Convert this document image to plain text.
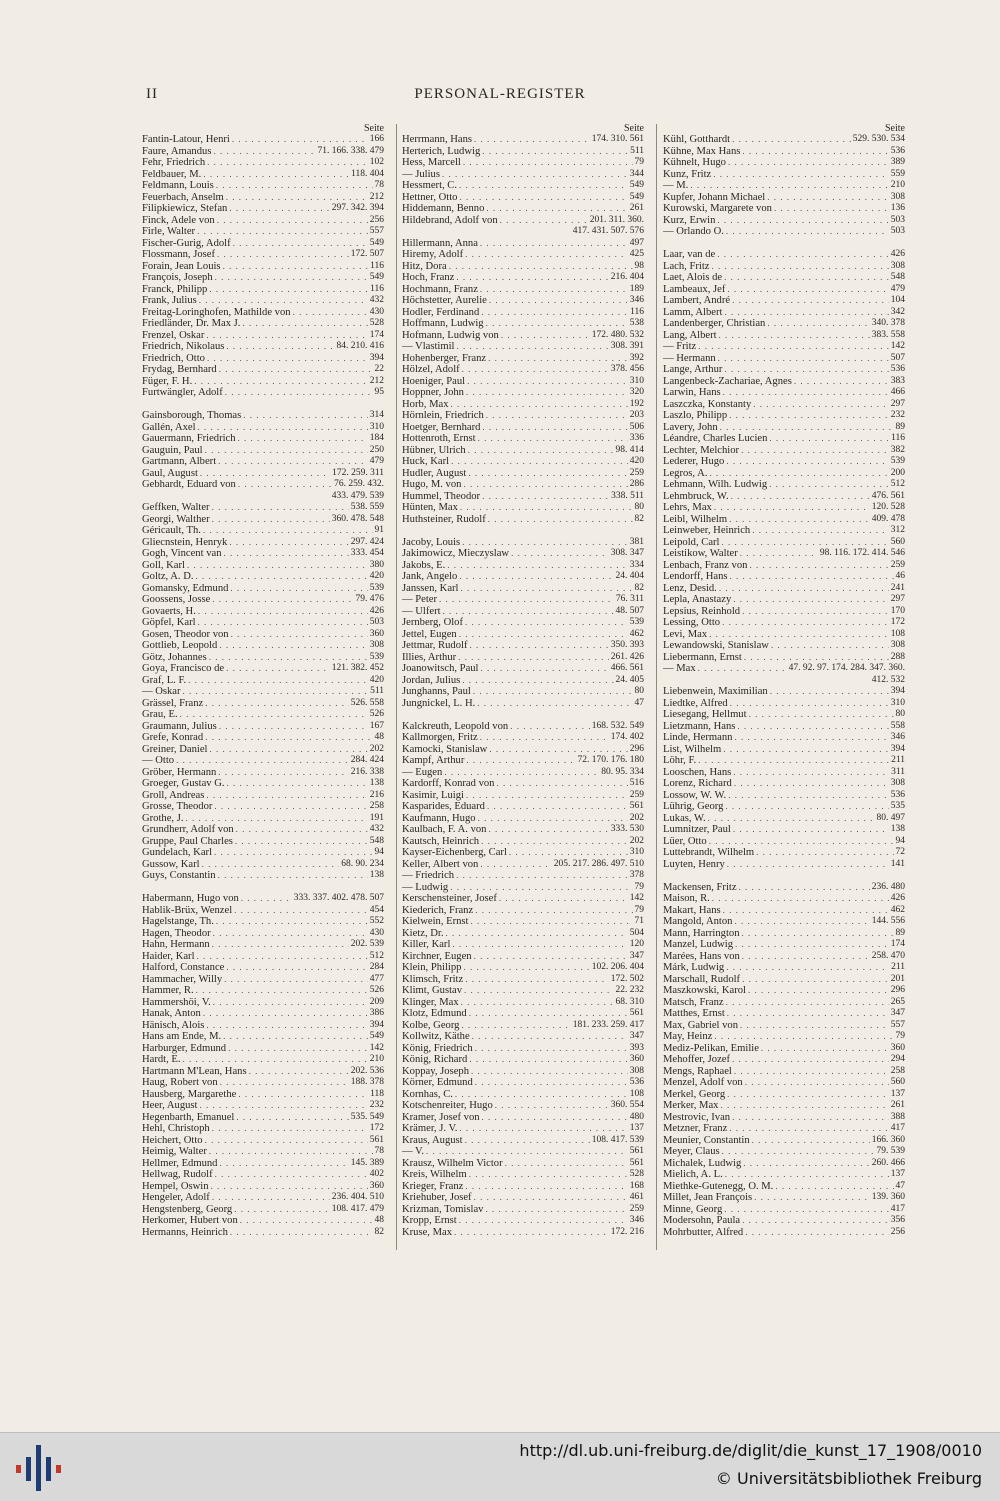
II	PERSONAL-REGISTER
Seite
Fantin-Latour, Henri . . .	166
Faure, Amandus . . .	71. 166. 338. 479
Fehr, Friedrich . . .	102
Feldbauer, M. . . .	118. 404
Feldmann, Louis . . .	78
Feuerbach, Anselm . . .	212
Filipkiewicz, Stefan . . .	297. 342. 394
Finck, Adele von . . .	256
Firle, Walter . . .	557
Fischer-Gurig, Adolf . . .	549
Flossmann, Josef . . .	172. 507
Forain, Jean Louis . . .	116
François, Joseph . . .	549
Franck, Philipp . . .	116
Frank, Julius . . .	432
Freitag-Loringhofen, Mathilde von . . .	430
Friedländer, Dr. Max J. . . .	528
Frenzel, Oskar . . .	174
Friedrich, Nikolaus . . .	84. 210. 416
Friedrich, Otto . . .	394
Frydag, Bernhard . . .	22
Füger, F. H. . . .	212
Furtwängler, Adolf . . .	95
Gainsborough, Thomas . . .	314
Gallén, Axel . . .	310
Gauermann, Friedrich . . .	184
Gauguin, Paul . . .	250
Gartmann, Albert . . .	479
Gaul, August . . .	172. 259. 311
Gebhardt, Eduard von . . .	76. 259. 432.
433. 479. 539
Geffken, Walter . . .	538. 559
Georgi, Walther . . .	360. 478. 548
Géricault, Th. . . .	91
Gliecnstein, Henryk . . .	297. 424
Gogh, Vincent van . . .	333. 454
Goll, Karl . . .	380
Goltz, A. D. . . .	420
Gomansky, Edmund . . .	539
Goossens, Josse . . .	79. 476
Govaerts, H. . . .	426
Göpfel, Karl . . .	503
Gosen, Theodor von . . .	360
Gottlieb, Leopold . . .	308
Götz, Johannes . . .	539
Goya, Francisco de . . .	121. 382. 452
Graf, L. F. . . .	420
— Oskar . . .	511
Grässel, Franz . . .	526. 558
Grau, E. . . .	526
Graumann, Julius . . .	167
Grefe, Konrad . . .	48
Greiner, Daniel . . .	202
— Otto . . .	284. 424
Gröber, Hermann . . .	216. 338
Groeger, Gustav G. . . .	138
Groll, Andreas . . .	216
Grosse, Theodor . . .	258
Grothe, J. . . .	191
Grundherr, Adolf von . . .	432
Gruppe, Paul Charles . . .	548
Gundelach, Karl . . .	94
Gussow, Karl . . .	68. 90. 234
Guys, Constantin . . .	138
Habermann, Hugo von . . .	333. 337. 402. 478. 507
Hablik-Brüx, Wenzel . . .	454
Hagelstange, Th. . . .	552
Hagen, Theodor . . .	430
Hahn, Hermann . . .	202. 539
Haider, Karl . . .	512
Halford, Constance . . .	284
Hammacher, Willy . . .	477
Hammer, R. . . .	526
Hammershöi, V. . . .	209
Hanak, Anton . . .	386
Hänisch, Alois . . .	394
Hans am Ende, M. . . .	549
Harburger, Edmund . . .	142
Hardt, E. . . .	210
Hartmann M'Lean, Hans . . .	202. 536
Haug, Robert von . . .	188. 378
Hausberg, Margarethe . . .	118
Heer, August . . .	232
Hegenbarth, Emanuel . . .	535. 549
Hehl, Christoph . . .	172
Heichert, Otto . . .	561
Heimig, Walter . . .	78
Hellmer, Edmund . . .	145. 389
Hellwag, Rudolf . . .	402
Hempel, Oswin . . .	360
Hengeler, Adolf . . .	236. 404. 510
Hengstenberg, Georg . . .	108. 417. 479
Herkomer, Hubert von . . .	48
Hermanns, Heinrich . . .	82
Seite
Herrmann, Hans . . .	174. 310. 561
Herterich, Ludwig . . .	511
Hess, Marcell . . .	79
— Julius . . .	344
Hessmert, C. . . .	549
Hettner, Otto . . .	549
Hiddemann, Benno . . .	261
Hildebrand, Adolf von . . .	201. 311. 360.
417. 431. 507. 576
Hillermann, Anna . . .	497
Hiremy, Adolf . . .	425
Hitz, Dora . . .	98
Hoch, Franz . . .	216. 404
Hochmann, Franz . . .	189
Höchstetter, Aurelie . . .	346
Hodler, Ferdinand . . .	116
Hoffmann, Ludwig . . .	538
Hofmann, Ludwig von . . .	172. 480. 532
— Vlastimil . . .	308. 391
Hohenberger, Franz . . .	392
Hölzel, Adolf . . .	378. 456
Hoeniger, Paul . . .	310
Hoppner, John . . .	320
Horb, Max . . .	192
Hörnlein, Friedrich . . .	203
Hoetger, Bernhard . . .	506
Hottenroth, Ernst . . .	336
Hübner, Ulrich . . .	98. 414
Huck, Karl . . .	420
Hudler, August . . .	259
Hugo, M. von . . .	286
Hummel, Theodor . . .	338. 511
Hünten, Max . . .	80
Huthsteiner, Rudolf . . .	82
Jacoby, Louis . . .	381
Jakimowicz, Mieczyslaw . . .	308. 347
Jakobs, E. . . .	334
Jank, Angelo . . .	24. 404
Janssen, Karl . . .	82
— Peter . . .	76. 311
— Ulfert . . .	48. 507
Jernberg, Olof . . .	539
Jettel, Eugen . . .	462
Jettmar, Rudolf . . .	350. 393
Illies, Arthur . . .	261. 426
Joanowitsch, Paul . . .	466. 561
Jordan, Julius . . .	24. 405
Junghanns, Paul . . .	80
Jungnickel, L. H. . . .	47
Kalckreuth, Leopold von . . .	168. 532. 549
Kallmorgen, Fritz . . .	174. 402
Kamocki, Stanislaw . . .	296
Kampf, Arthur . . .	72. 170. 176. 180
— Eugen . . .	80. 95. 334
Kardorff, Konrad von . . .	516
Kasimir, Luigi . . .	259
Kasparides, Eduard . . .	561
Kaufmann, Hugo . . .	202
Kaulbach, F. A. von . . .	333. 530
Kautsch, Heinrich . . .	202
Kayser-Eichenberg, Carl . . .	310
Keller, Albert von . . .	205. 217. 286. 497. 510
— Friedrich . . .	378
— Ludwig . . .	79
Kerschensteiner, Josef . . .	142
Kiederich, Franz . . .	79
Kielwein, Ernst . . .	71
Kietz, Dr. . . .	504
Killer, Karl . . .	120
Kirchner, Eugen . . .	347
Klein, Philipp . . .	102. 206. 404
Klimsch, Fritz . . .	172. 502
Klimt, Gustav . . .	22. 232
Klinger, Max . . .	68. 310
Klotz, Edmund . . .	561
Kolbe, Georg . . .	181. 233. 259. 417
Kollwitz, Käthe . . .	347
König, Friedrich . . .	393
König, Richard . . .	360
Koppay, Joseph . . .	308
Körner, Edmund . . .	536
Kornhas, C. . . .	108
Kotschenreiter, Hugo . . .	360. 554
Kramer, Josef von . . .	480
Krämer, J. V. . . .	137
Kraus, August . . .	108. 417. 539
— V. . . .	561
Krausz, Wilhelm Victor . . .	561
Kreis, Wilhelm . . .	528
Krieger, Franz . . .	168
Kriehuber, Josef . . .	461
Krizman, Tomislav . . .	259
Kropp, Ernst . . .	346
Kruse, Max . . .	172. 216
Seite
Kühl, Gotthardt . . .	529. 530. 534
Kühne, Max Hans . . .	536
Kühnelt, Hugo . . .	389
Kunz, Fritz . . .	559
— M. . . .	210
Kupfer, Johann Michael . . .	308
Kurowski, Margarete von . . .	136
Kurz, Erwin . . .	503
— Orlando O. . . .	503
Laar, van de . . .	426
Lach, Fritz . . .	308
Laet, Alois de . . .	548
Lambeaux, Jef . . .	479
Lambert, André . . .	104
Lamm, Albert . . .	342
Landenberger, Christian . . .	340. 378
Lang, Albert . . .	383. 558
— Fritz . . .	142
— Hermann . . .	507
Lange, Arthur . . .	536
Langenbeck-Zachariae, Agnes . . .	383
Larwin, Hans . . .	466
Laszczka, Konstanty . . .	297
Laszlo, Philipp . . .	232
Lavery, John . . .	89
Léandre, Charles Lucien . . .	116
Lechter, Melchior . . .	382
Lederer, Hugo . . .	539
Legros, A. . . .	200
Lehmann, Wilh. Ludwig . . .	512
Lehmbruck, W. . . .	476. 561
Lehrs, Max . . .	120. 528
Leibl, Wilhelm . . .	409. 478
Leinweber, Heinrich . . .	312
Leipold, Carl . . .	560
Leistikow, Walter . . .	98. 116. 172. 414. 546
Lenbach, Franz von . . .	259
Lendorff, Hans . . .	46
Lenz, Desid. . . .	241
Lepla, Anastazy . . .	297
Lepsius, Reinhold . . .	170
Lessing, Otto . . .	172
Levi, Max . . .	108
Lewandowski, Stanislaw . . .	308
Liebermann, Ernst . . .	288
— Max . . .	47. 92. 97. 174. 284. 347. 360.
412. 532
Liebenwein, Maximilian . . .	394
Liedtke, Alfred . . .	310
Liesegang, Hellmut . . .	80
Lietzmann, Hans . . .	558
Linde, Hermann . . .	346
List, Wilhelm . . .	394
Löhr, F. . . .	211
Looschen, Hans . . .	311
Lorenz, Richard . . .	308
Lossow, W. W. . . .	536
Lührig, Georg . . .	535
Lukas, W. . . .	80. 497
Lumnitzer, Paul . . .	138
Lüer, Otto . . .	94
Luttebrandt, Wilhelm . . .	72
Luyten, Henry . . .	141
Mackensen, Fritz . . .	236. 480
Maison, R. . . .	426
Makart, Hans . . .	462
Mangold, Anton . . .	144. 556
Mann, Harrington . . .	89
Manzel, Ludwig . . .	174
Marées, Hans von . . .	258. 470
Márk, Ludwig . . .	211
Marschall, Rudolf . . .	201
Maszkowski, Karol . . .	296
Matsch, Franz . . .	265
Matthes, Ernst . . .	347
Max, Gabriel von . . .	557
May, Heinz . . .	79
Mediz-Pelikan, Emilie . . .	360
Mehoffer, Jozef . . .	294
Mengs, Raphael . . .	258
Menzel, Adolf von . . .	560
Merkel, Georg . . .	137
Merker, Max . . .	261
Mestrovic, Ivan . . .	388
Metzner, Franz . . .	417
Meunier, Constantin . . .	166. 360
Meyer, Claus . . .	79. 539
Michalek, Ludwig . . .	260. 466
Mielich, A. L. . . .	137
Miethke-Gutenegg, O. M. . . .	47
Millet, Jean François . . .	139. 360
Minne, Georg . . .	417
Modersohn, Paula . . .	356
Mohrbutter, Alfred . . .	256
http://dl.ub.uni-freiburg.de/diglit/die_kunst_17_1908/0010
© Universitätsbibliothek Freiburg
